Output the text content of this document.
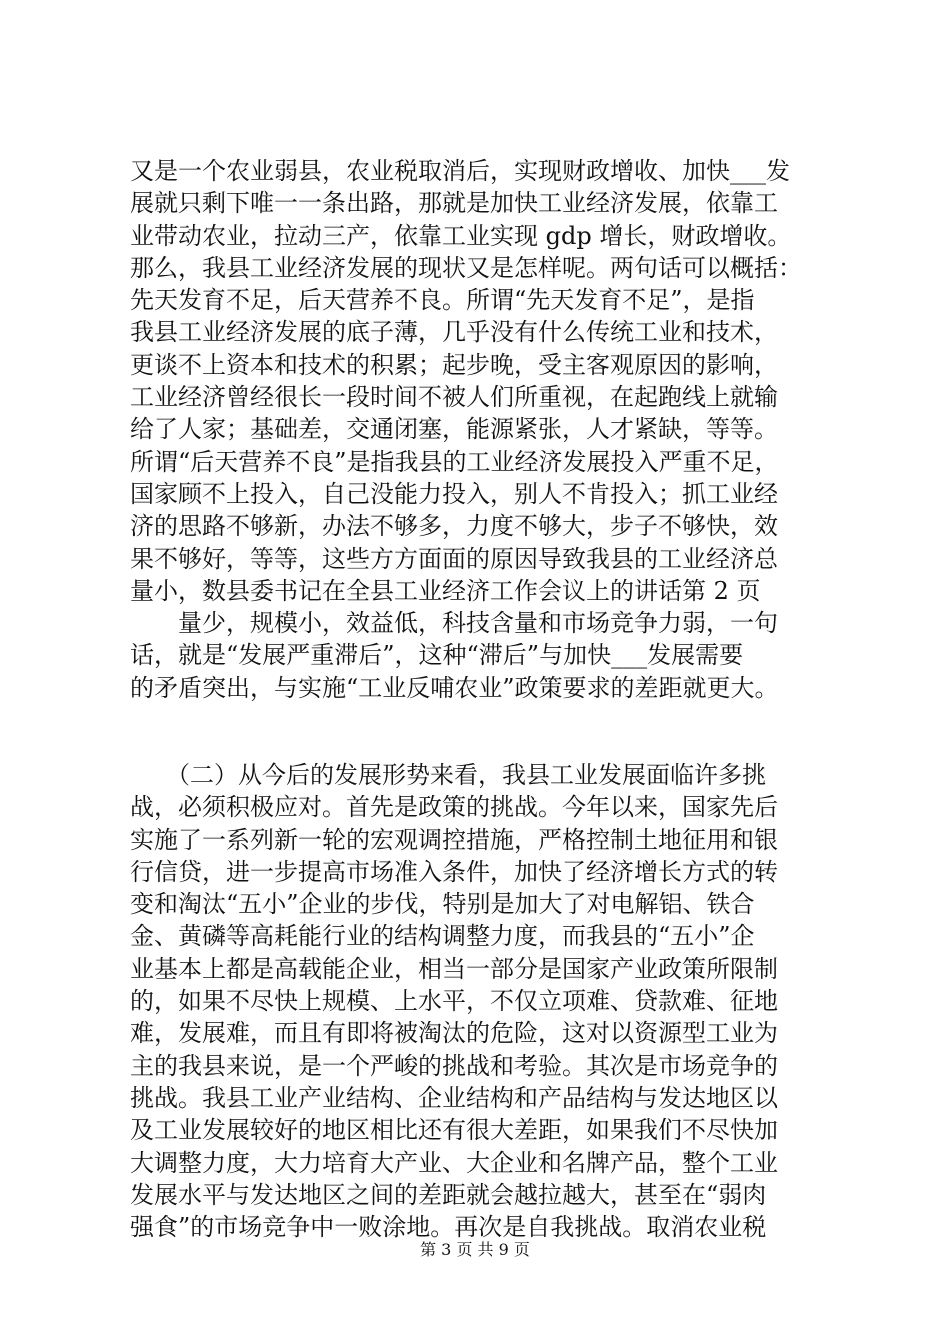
又是一个农业弱县，农业税取消后，实现财政增收、加快___发
展就只剩下唯一一条出路，那就是加快工业经济发展，依靠工
业带动农业，拉动三产，依靠工业实现 gdp 增长，财政增收。
那么，我县工业经济发展的现状又是怎样呢。两句话可以概括：
先天发育不足，后天营养不良。所谓“先天发育不足”，是指
我县工业经济发展的底子薄，几乎没有什么传统工业和技术，
更谈不上资本和技术的积累；起步晚，受主客观原因的影响，
工业经济曾经很长一段时间不被人们所重视，在起跑线上就输
给了人家；基础差，交通闭塞，能源紧张，人才紧缺，等等。
所谓“后天营养不良”是指我县的工业经济发展投入严重不足，
国家顾不上投入，自己没能力投入，别人不肯投入；抓工业经
济的思路不够新，办法不够多，力度不够大，步子不够快，效
果不够好，等等，这些方方面面的原因导致我县的工业经济总
量小，数县委书记在全县工业经济工作会议上的讲话第 2 页
　　量少，规模小，效益低，科技含量和市场竞争力弱，一句
话，就是“发展严重滞后”，这种“滞后”与加快___发展需要
的矛盾突出，与实施“工业反哺农业”政策要求的差距就更大。
　　（二）从今后的发展形势来看，我县工业发展面临许多挑
战，必须积极应对。首先是政策的挑战。今年以来，国家先后
实施了一系列新一轮的宏观调控措施，严格控制土地征用和银
行信贷，进一步提高市场准入条件，加快了经济增长方式的转
变和淘汰“五小”企业的步伐，特别是加大了对电解铝、铁合
金、黄磷等高耗能行业的结构调整力度，而我县的“五小”企
业基本上都是高载能企业，相当一部分是国家产业政策所限制
的，如果不尽快上规模、上水平，不仅立项难、贷款难、征地
难，发展难，而且有即将被淘汰的危险，这对以资源型工业为
主的我县来说，是一个严峻的挑战和考验。其次是市场竞争的
挑战。我县工业产业结构、企业结构和产品结构与发达地区以
及工业发展较好的地区相比还有很大差距，如果我们不尽快加
大调整力度，大力培育大产业、大企业和名牌产品，整个工业
发展水平与发达地区之间的差距就会越拉越大，甚至在“弱肉
强食”的市场竞争中一败涂地。再次是自我挑战。取消农业税
第 3 页 共 9 页
